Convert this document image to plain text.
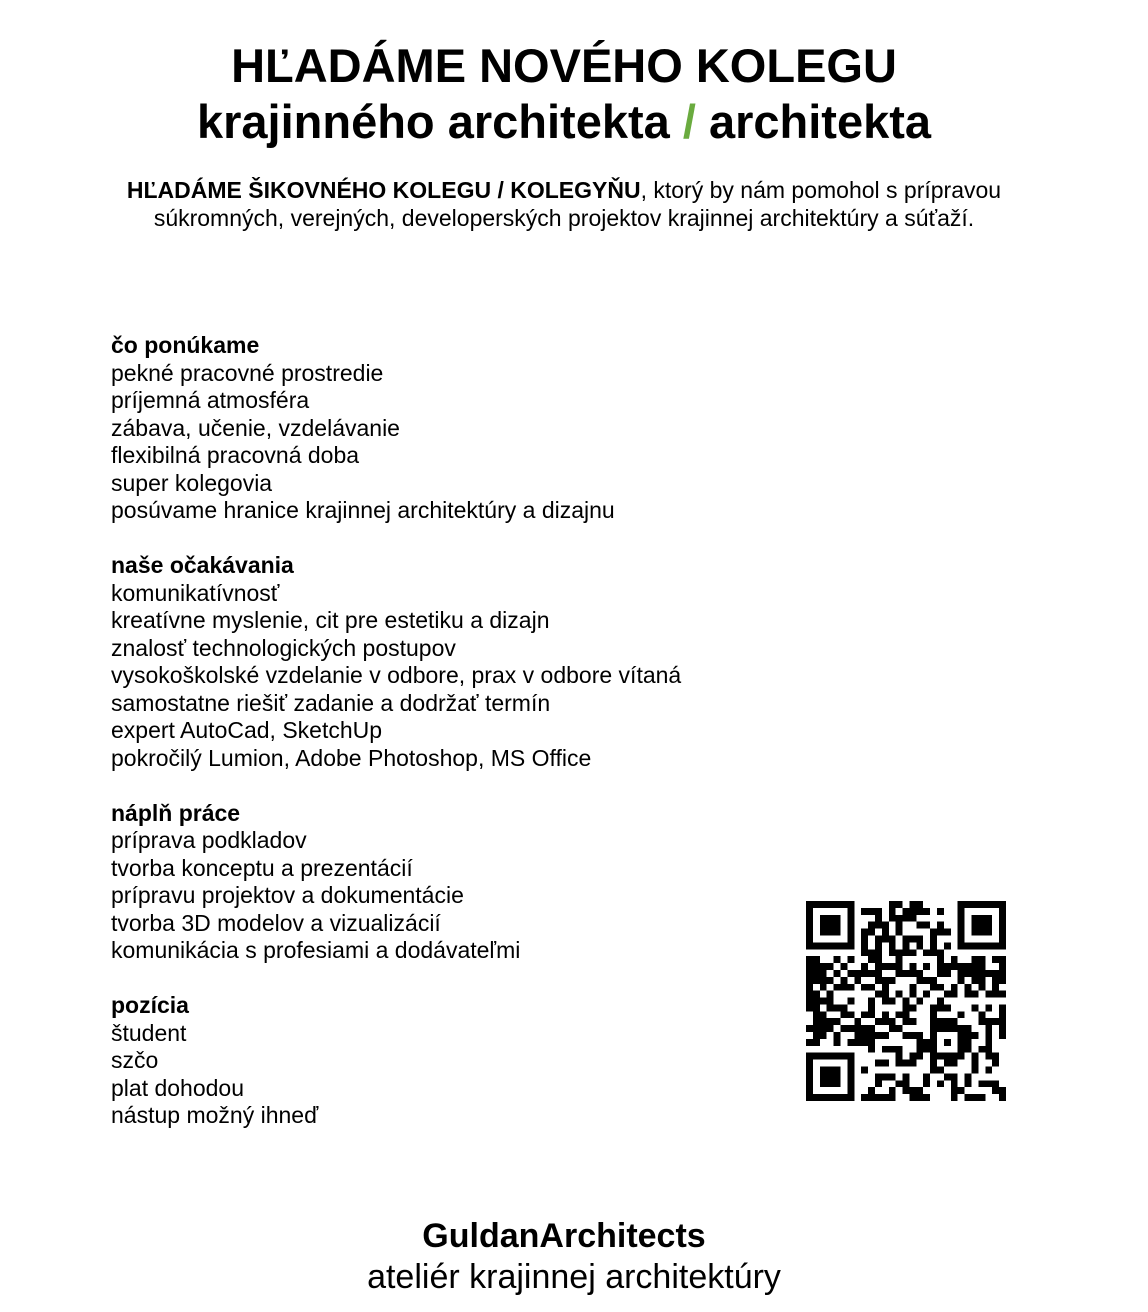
HĽADÁME NOVÉHO KOLEGU
krajinného architekta / architekta

HĽADÁME ŠIKOVNÉHO KOLEGU / KOLEGYŇU, ktorý by nám pomohol s prípravou súkromných, verejných, developerských projektov krajinnej architektúry a súťaží.

čo ponúkame

pekné pracovné prostredie
príjemná atmosféra
zábava, učenie, vzdelávanie
flexibilná pracovná doba
super kolegovia
posúvame hranice krajinnej architektúry a dizajnu

naše očakávania

komunikatívnosť
kreatívne myslenie, cit pre estetiku a dizajn
znalosť technologických postupov
vysokoškolské vzdelanie v odbore, prax v odbore vítaná
samostatne riešiť zadanie a dodržať termín
expert AutoCad, SketchUp
pokročilý Lumion, Adobe Photoshop, MS Office

náplň práce

príprava podkladov
tvorba konceptu a prezentácií
prípravu projektov a dokumentácie
tvorba 3D modelov a vizualizácií
komunikácia s profesiami a dodávateľmi

pozícia

študent
szčo
plat dohodou
nástup možný ihneď

GuldanArchitects

ateliér krajinnej architektúry
